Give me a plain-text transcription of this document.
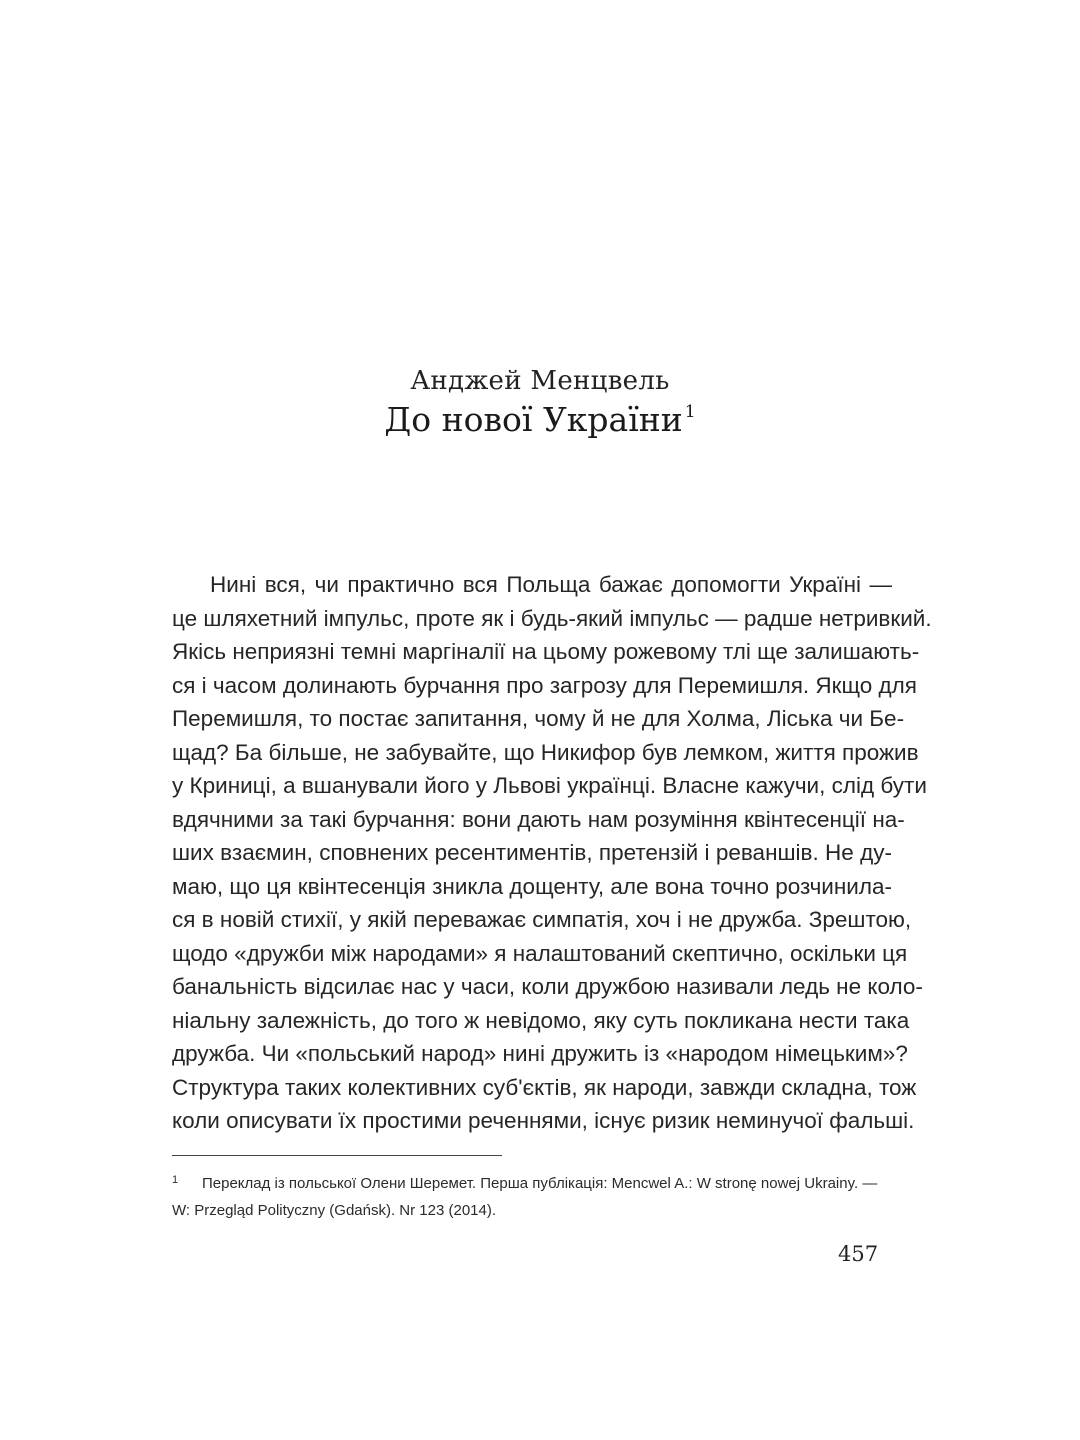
Анджей Менцвель
До нової України $^1$
Нині вся, чи практично вся Польща бажає допомогти Україні —
це шляхетний імпульс, проте як і будь-який імпульс — радше нетривкий.
Якісь неприязні темні маргіналії на цьому рожевому тлі ще залишають-
ся і часом долинають бурчання про загрозу для Перемишля. Якщо для
Перемишля, то постає запитання, чому й не для Холма, Ліська чи Бе-
щад? Ба більше, не забувайте, що Никифор був лемком, життя прожив
у Криниці, а вшанували його у Львові українці. Власне кажучи, слід бути
вдячними за такі бурчання: вони дають нам розуміння квінтесенції на-
ших взаємин, сповнених ресентиментів, претензій і реваншів. Не ду-
маю, що ця квінтесенція зникла дощенту, але вона точно розчинила-
ся в новій стихії, у якій переважає симпатія, хоч і не дружба. Зрештою,
щодо «дружби між народами» я налаштований скептично, оскільки ця
банальність відсилає нас у часи, коли дружбою називали ледь не коло-
ніальну залежність, до того ж невідомо, яку суть покликана нести така
дружба. Чи «польський народ» нині дружить із «народом німецьким»?
Структура таких колективних суб'єктів, як народи, завжди складна, тож
коли описувати їх простими реченнями, існує ризик неминучої фальші.
1 Переклад із польської Олени Шеремет. Перша публікація: Mencwel A.: W stronę nowej Ukrainy. —
W: Przegląd Polityczny (Gdańsk). Nr 123 (2014).
457
